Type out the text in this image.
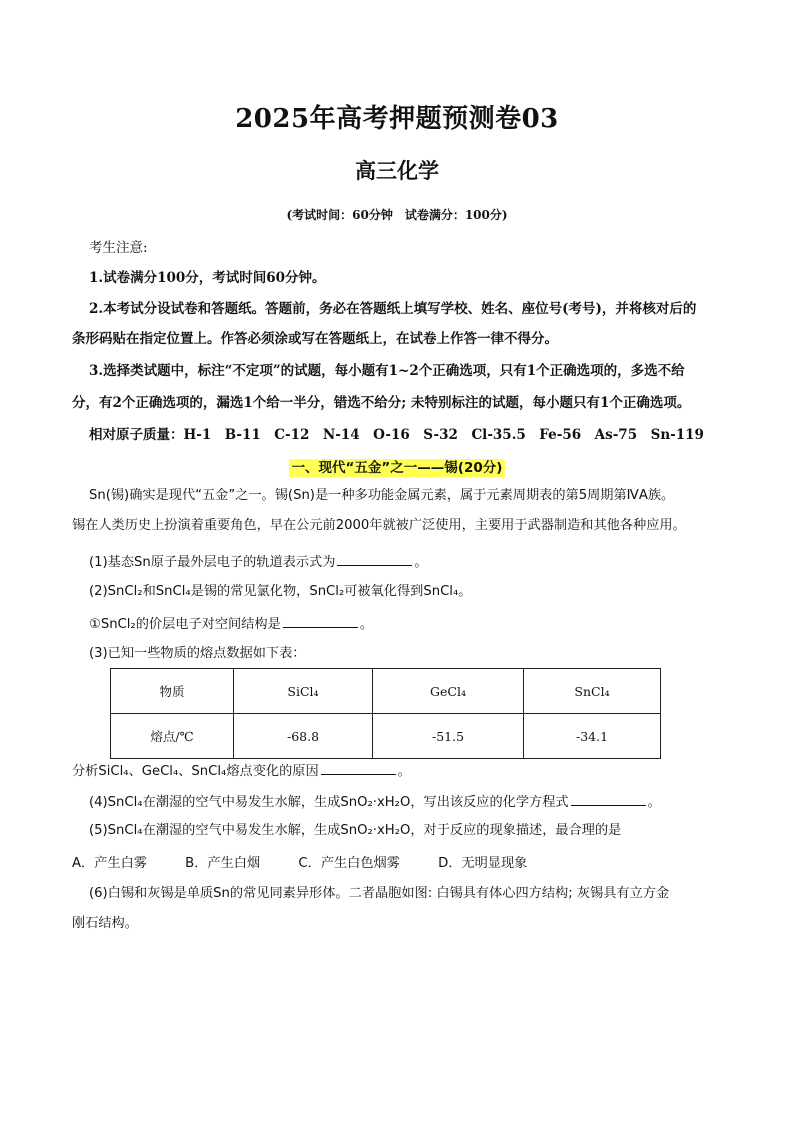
2025年高考押题预测卷03
高三化学
(考试时间：60分钟　试卷满分：100分)
考生注意:
1.试卷满分100分，考试时间60分钟。
2.本考试分设试卷和答题纸。答题前，务必在答题纸上填写学校、姓名、座位号(考号)，并将核对后的
条形码贴在指定位置上。作答必须涂或写在答题纸上，在试卷上作答一律不得分。
3.选择类试题中，标注“不定项”的试题，每小题有1~2个正确选项，只有1个正确选项的，多选不给
分，有2个正确选项的，漏选1个给一半分，错选不给分; 未特别标注的试题，每小题只有1个正确选项。
相对原子质量：H-1　B-11　C-12　N-14　O-16　S-32　Cl-35.5　Fe-56　As-75　Sn-119
一、现代“五金”之一——锡(20分)
Sn(锡)确实是现代“五金”之一。锡(Sn)是一种多功能金属元素，属于元素周期表的第5周期第ⅣA族。
锡在人类历史上扮演着重要角色，早在公元前2000年就被广泛使用，主要用于武器制造和其他各种应用。
(1)基态Sn原子最外层电子的轨道表示式为	。
(2)SnCl₂和SnCl₄是锡的常见氯化物，SnCl₂可被氧化得到SnCl₄。
①SnCl₂的价层电子对空间结构是	。
(3)已知一些物质的熔点数据如下表：
物质	SiCl₄	GeCl₄	SnCl₄
熔点/℃	-68.8	-51.5	-34.1
分析SiCl₄、GeCl₄、SnCl₄熔点变化的原因	。
(4)SnCl₄在潮湿的空气中易发生水解，生成SnO₂·xH₂O，写出该反应的化学方程式	。
(5)SnCl₄在潮湿的空气中易发生水解，生成SnO₂·xH₂O，对于反应的现象描述，最合理的是
A．产生白雾	B．产生白烟	C．产生白色烟雾	D．无明显现象
(6)白锡和灰锡是单质Sn的常见同素异形体。二者晶胞如图: 白锡具有体心四方结构; 灰锡具有立方金
刚石结构。
